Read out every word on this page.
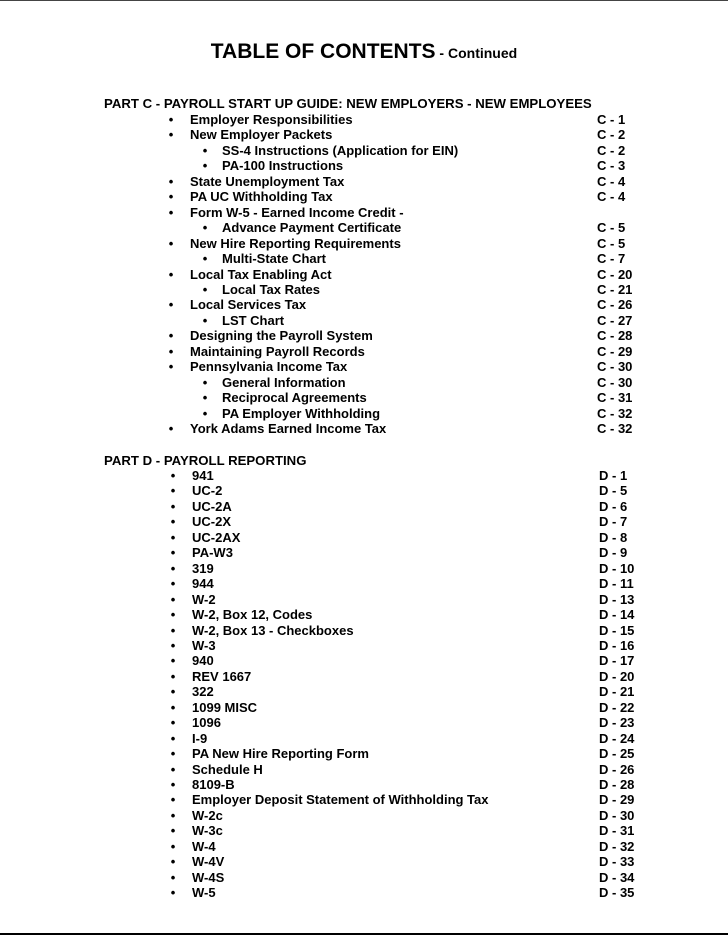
TABLE OF CONTENTS - Continued
PART C - PAYROLL START UP GUIDE: NEW EMPLOYERS - NEW EMPLOYEES
• Employer Responsibilities	C - 1
• New Employer Packets	C - 2
• SS-4 Instructions (Application for EIN)	C - 2
• PA-100 Instructions	C - 3
• State Unemployment Tax	C - 4
• PA UC Withholding Tax	C - 4
• Form W-5 - Earned Income Credit -
• Advance Payment Certificate	C - 5
• New Hire Reporting Requirements	C - 5
• Multi-State Chart	C - 7
• Local Tax Enabling Act	C - 20
• Local Tax Rates	C - 21
• Local Services Tax	C - 26
• LST Chart	C - 27
• Designing the Payroll System	C - 28
• Maintaining Payroll Records	C - 29
• Pennsylvania Income Tax	C - 30
• General Information	C - 30
• Reciprocal Agreements	C - 31
• PA Employer Withholding	C - 32
• York Adams Earned Income Tax	C - 32
PART D - PAYROLL REPORTING
• 941	D - 1
• UC-2	D - 5
• UC-2A	D - 6
• UC-2X	D - 7
• UC-2AX	D - 8
• PA-W3	D - 9
• 319	D - 10
• 944	D - 11
• W-2	D - 13
• W-2, Box 12, Codes	D - 14
• W-2, Box 13 - Checkboxes	D - 15
• W-3	D - 16
• 940	D - 17
• REV 1667	D - 20
• 322	D - 21
• 1099 MISC	D - 22
• 1096	D - 23
• I-9	D - 24
• PA New Hire Reporting Form	D - 25
• Schedule H	D - 26
• 8109-B	D - 28
• Employer Deposit Statement of Withholding Tax	D - 29
• W-2c	D - 30
• W-3c	D - 31
• W-4	D - 32
• W-4V	D - 33
• W-4S	D - 34
• W-5	D - 35
